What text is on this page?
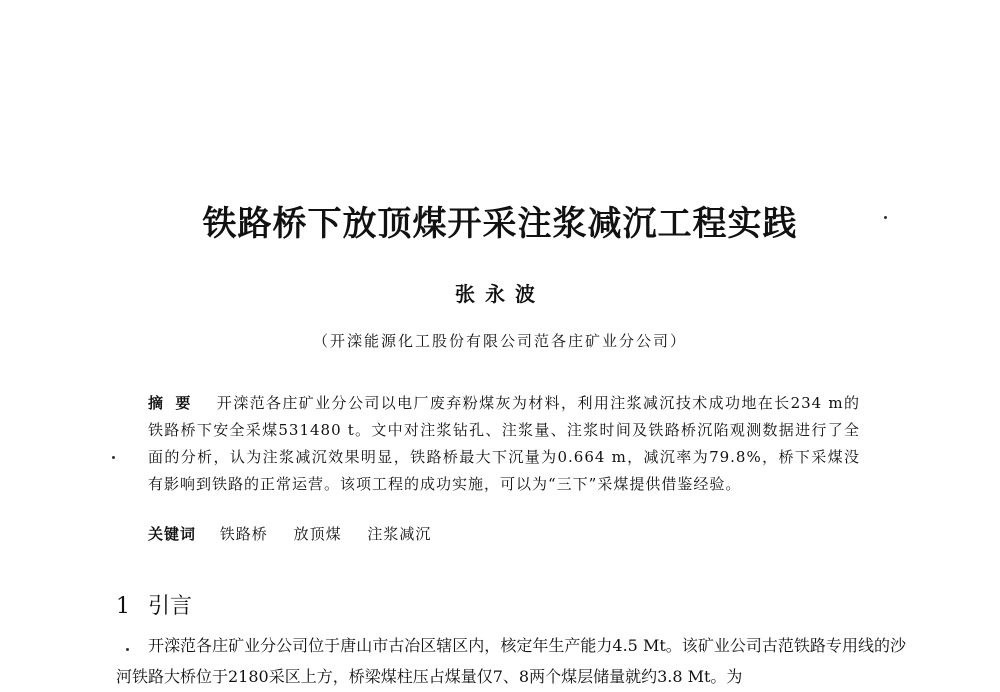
铁路桥下放顶煤开采注浆减沉工程实践
张永波
（开滦能源化工股份有限公司范各庄矿业分公司）
摘要 开滦范各庄矿业分公司以电厂废弃粉煤灰为材料，利用注浆减沉技术成功地在长234 m的铁路桥下安全采煤531480 t。文中对注浆钻孔、注浆量、注浆时间及铁路桥沉陷观测数据进行了全面的分析，认为注浆减沉效果明显，铁路桥最大下沉量为0.664 m，减沉率为79.8%，桥下采煤没有影响到铁路的正常运营。该项工程的成功实施，可以为“三下”采煤提供借鉴经验。
关键词 铁路桥 放顶煤 注浆减沉
1 引言
开滦范各庄矿业分公司位于唐山市古冶区辖区内，核定年生产能力4.5 Mt。该矿业公司古范铁路专用线的沙河铁路大桥位于2180采区上方，桥梁煤柱压占煤量仅7、8两个煤层储量就约3.8 Mt。为
